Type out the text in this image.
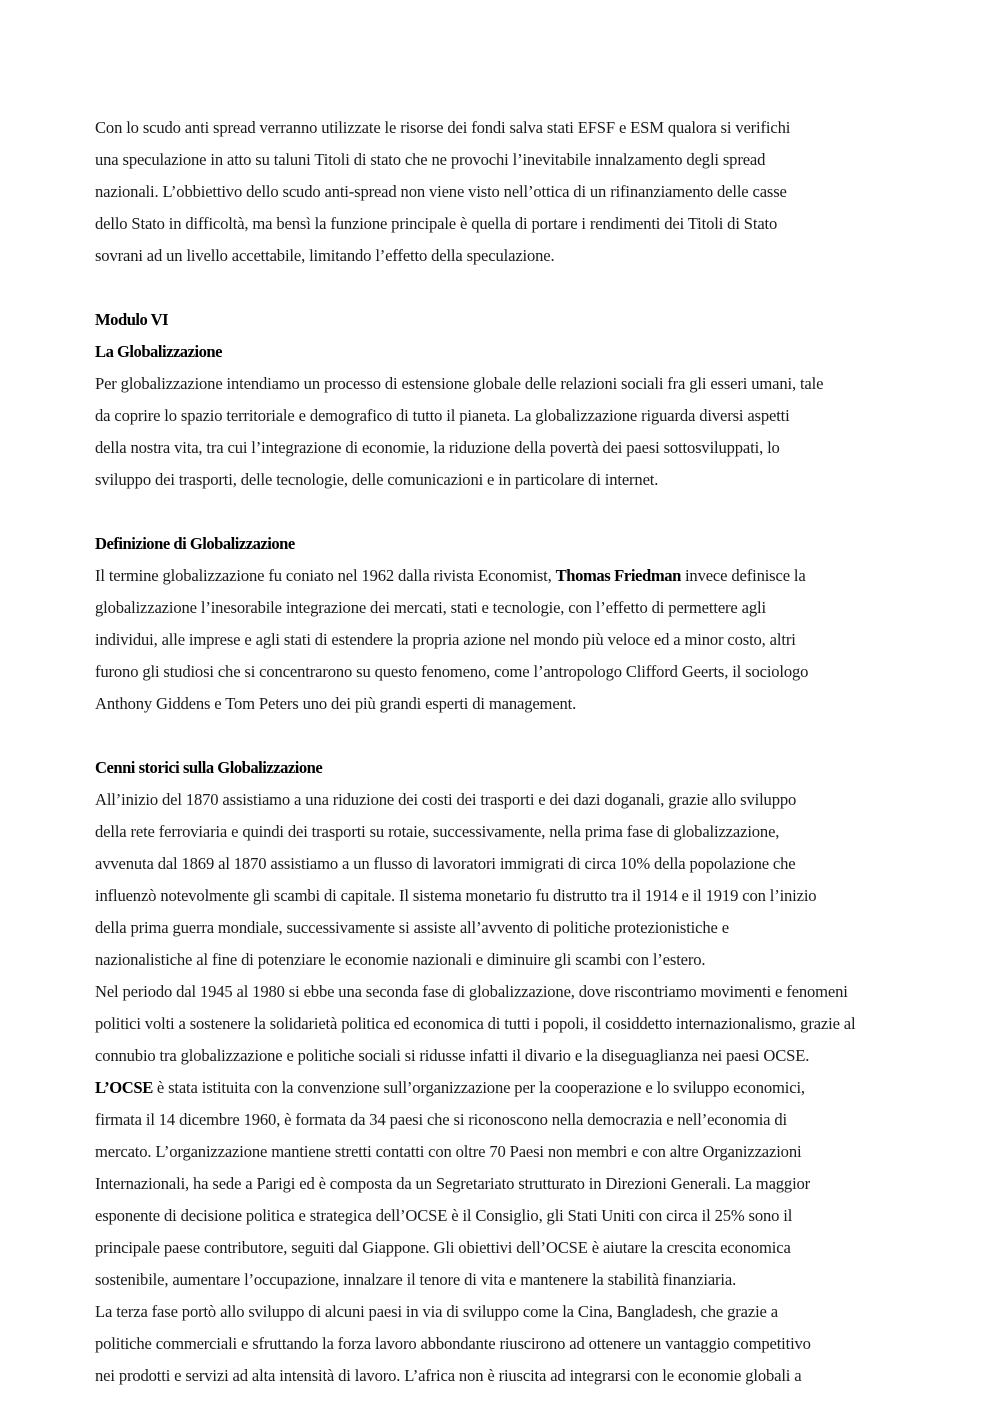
Con lo scudo anti spread verranno utilizzate le risorse dei fondi salva stati EFSF e ESM qualora si verifichi
una speculazione in atto su taluni Titoli di stato che ne provochi l’inevitabile innalzamento degli spread
nazionali. L’obbiettivo dello scudo anti-spread non viene visto nell’ottica di un rifinanziamento delle casse
dello Stato in difficoltà, ma bensì la funzione principale è quella di portare i rendimenti dei Titoli di Stato
sovrani ad un livello accettabile, limitando l’effetto della speculazione.
Modulo VI
La Globalizzazione
Per globalizzazione intendiamo un processo di estensione globale delle relazioni sociali fra gli esseri umani, tale
da coprire lo spazio territoriale e demografico di tutto il pianeta. La globalizzazione riguarda diversi aspetti
della nostra vita, tra cui l’integrazione di economie, la riduzione della povertà dei paesi sottosviluppati, lo
sviluppo dei trasporti, delle tecnologie, delle comunicazioni e in particolare di internet.
Definizione di Globalizzazione
Il termine globalizzazione fu coniato nel 1962 dalla rivista Economist, Thomas Friedman invece definisce la
globalizzazione l’inesorabile integrazione dei mercati, stati e tecnologie, con l’effetto di permettere agli
individui, alle imprese e agli stati di estendere la propria azione nel mondo più veloce ed a minor costo, altri
furono gli studiosi che si concentrarono su questo fenomeno, come l’antropologo Clifford Geerts, il sociologo
Anthony Giddens e Tom Peters uno dei più grandi esperti di management.
Cenni storici sulla Globalizzazione
All’inizio del 1870 assistiamo a una riduzione dei costi dei trasporti e dei dazi doganali, grazie allo sviluppo
della rete ferroviaria e quindi dei trasporti su rotaie, successivamente, nella prima fase di globalizzazione,
avvenuta dal 1869 al 1870 assistiamo a un flusso di lavoratori immigrati di circa 10% della popolazione che
influenzò notevolmente gli scambi di capitale. Il sistema monetario fu distrutto tra il 1914 e il 1919 con l’inizio
della prima guerra mondiale, successivamente si assiste all’avvento di politiche protezionistiche e
nazionalistiche al fine di potenziare le economie nazionali e diminuire gli scambi con l’estero.
Nel periodo dal 1945 al 1980 si ebbe una seconda fase di globalizzazione, dove riscontriamo movimenti e fenomeni
politici volti a sostenere la solidarietà politica ed economica di tutti i popoli, il cosiddetto internazionalismo, grazie al
connubio tra globalizzazione e politiche sociali si ridusse infatti il divario e la diseguaglianza nei paesi OCSE.
L’OCSE è stata istituita con la convenzione sull’organizzazione per la cooperazione e lo sviluppo economici,
firmata il 14 dicembre 1960, è formata da 34 paesi che si riconoscono nella democrazia e nell’economia di
mercato. L’organizzazione mantiene stretti contatti con oltre 70 Paesi non membri e con altre Organizzazioni
Internazionali, ha sede a Parigi ed è composta da un Segretariato strutturato in Direzioni Generali. La maggior
esponente di decisione politica e strategica dell’OCSE è il Consiglio, gli Stati Uniti con circa il 25% sono il
principale paese contributore, seguiti dal Giappone. Gli obiettivi dell’OCSE è aiutare la crescita economica
sostenibile, aumentare l’occupazione, innalzare il tenore di vita e mantenere la stabilità finanziaria.
La terza fase portò allo sviluppo di alcuni paesi in via di sviluppo come la Cina, Bangladesh, che grazie a
politiche commerciali e sfruttando la forza lavoro abbondante riuscirono ad ottenere un vantaggio competitivo
nei prodotti e servizi ad alta intensità di lavoro. L’africa non è riuscita ad integrarsi con le economie globali a
